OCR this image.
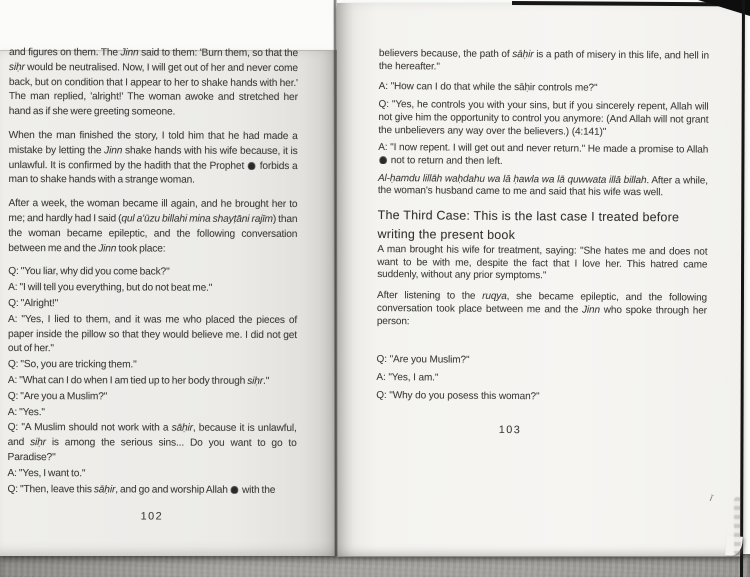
ī

and figures on them. The Jinn said to them: 'Burn them, so that the siḥr would be neutralised. Now, I will get out of her and never come back, but on condition that I appear to her to shake hands with her.' The man replied, 'alright!' The woman awoke and stretched her hand as if she were greeting someone.

When the man finished the story, I told him that he had made a mistake by letting the Jinn shake hands with his wife because, it is unlawful. It is confirmed by the hadith that the Prophet  forbids a man to shake hands with a strange woman.

After a week, the woman became ill again, and he brought her to me; and hardly had I said (qul a'ūzu billahi mina shayṭāni rajīm) than the woman became epileptic, and the following conversation between me and the Jinn took place:

Q: "You liar, why did you come back?"

A: "I will tell you everything, but do not beat me."

Q: "Alright!"

A: "Yes, I lied to them, and it was me who placed the pieces of paper inside the pillow so that they would believe me. I did not get out of her."

Q: "So, you are tricking them."

A: "What can I do when I am tied up to her body through siḥr."

Q: "Are you a Muslim?"

A: "Yes."

Q: "A Muslim should not work with a sāḥir, because it is unlawful, and siḥr is among the serious sins... Do you want to go to Paradise?"

A: "Yes, I want to."

Q: "Then, leave this sāḥir, and go and worship Allah  with the

102

believers because, the path of sāḥir is a path of misery in this life, and hell in the hereafter."

A: "How can I do that while the sāḥir controls me?"

Q: "Yes, he controls you with your sins, but if you sincerely repent, Allah will not give him the opportunity to control you anymore: (And Allah will not grant the unbelievers any way over the believers.) (4:141)"

A: "I now repent. I will get out and never return." He made a promise to Allah  not to return and then left.

Al-ḥamdu lillāh waḥdahu wa lā ḥawla wa lā quwwata illā billah. After a while, the woman's husband came to me and said that his wife was well.

The Third Case: This is the last case I treated before
writing the present book

A man brought his wife for treatment, saying: "She hates me and does not want to be with me, despite the fact that I love her. This hatred came suddenly, without any prior symptoms."

After listening to the ruqya, she became epileptic, and the following conversation took place between me and the Jinn who spoke through her person:

Q: "Are you Muslim?"

A: "Yes, I am."

Q: "Why do you posess this woman?"

103
